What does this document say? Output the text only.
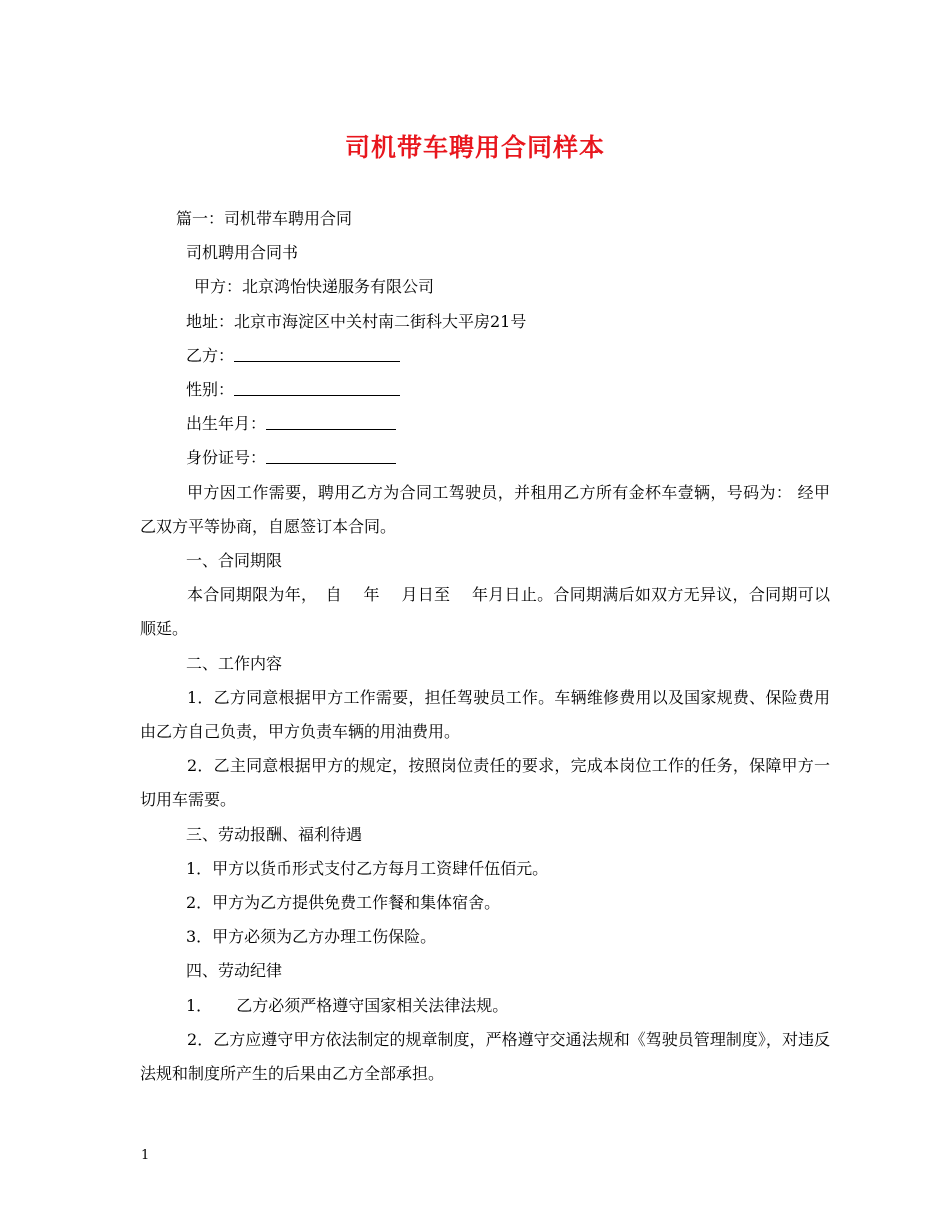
司机带车聘用合同样本

篇一：司机带车聘用合同

司机聘用合同书

甲方：北京鸿怡快递服务有限公司

地址：北京市海淀区中关村南二街科大平房21号

乙方：

性别：

出生年月：

身份证号：

甲方因工作需要，聘用乙方为合同工驾驶员，并租用乙方所有金杯车壹辆，号码为： 经甲乙双方平等协商，自愿签订本合同。

一、合同期限

本合同期限为年，　自　 年　 月日至　 年月日止。合同期满后如双方无异议，合同期可以顺延。

二、工作内容

1．乙方同意根据甲方工作需要，担任驾驶员工作。车辆维修费用以及国家规费、保险费用由乙方自己负责，甲方负责车辆的用油费用。

2．乙主同意根据甲方的规定，按照岗位责任的要求，完成本岗位工作的任务，保障甲方一切用车需要。

三、劳动报酬、福利待遇

1．甲方以货币形式支付乙方每月工资肆仟伍佰元。

2．甲方为乙方提供免费工作餐和集体宿舍。

3．甲方必须为乙方办理工伤保险。

四、劳动纪律

1． 乙方必须严格遵守国家相关法律法规。

2．乙方应遵守甲方依法制定的规章制度，严格遵守交通法规和《驾驶员管理制度》，对违反法规和制度所产生的后果由乙方全部承担。

1
